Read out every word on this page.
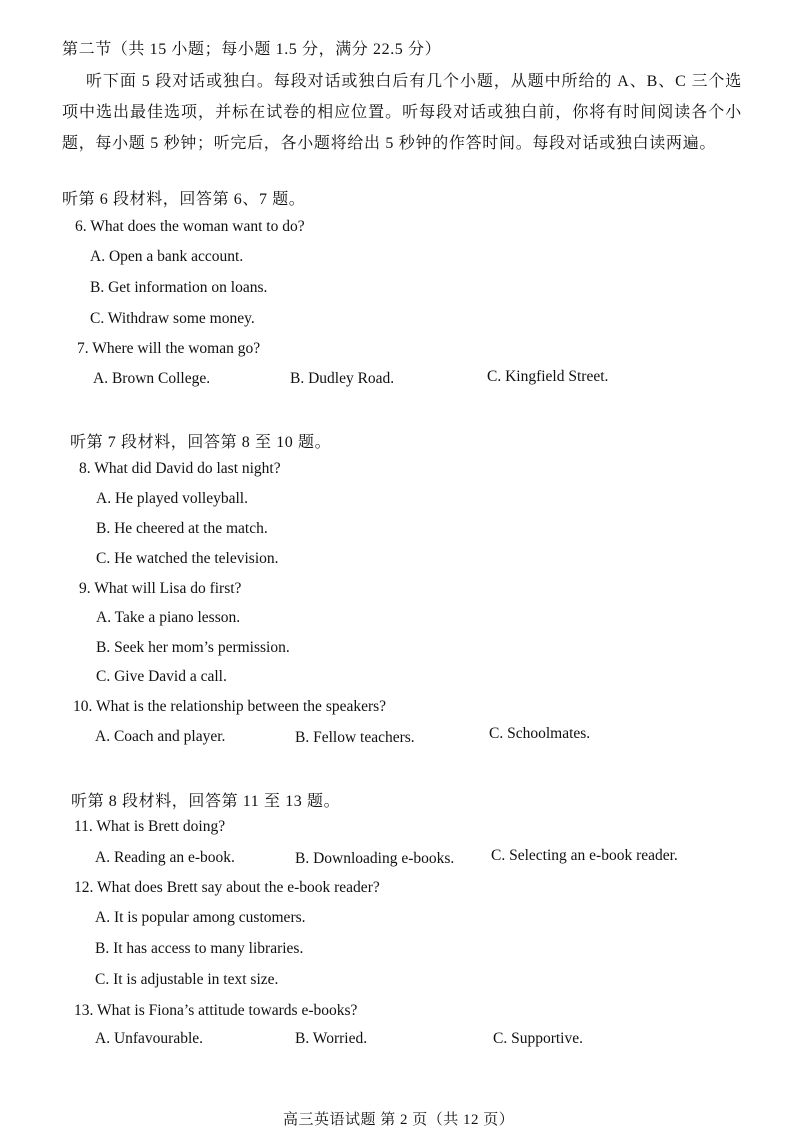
第二节（共 15 小题；每小题 1.5 分，满分 22.5 分）
听下面 5 段对话或独白。每段对话或独白后有几个小题，从题中所给的 A、B、C 三个选项中选出最佳选项，并标在试卷的相应位置。听每段对话或独白前，你将有时间阅读各个小题，每小题 5 秒钟；听完后，各小题将给出 5 秒钟的作答时间。每段对话或独白读两遍。
听第 6 段材料，回答第 6、7 题。
6. What does the woman want to do?
A. Open a bank account.
B. Get information on loans.
C. Withdraw some money.
7. Where will the woman go?
A. Brown College.	B. Dudley Road.	C. Kingfield Street.
听第 7 段材料，回答第 8 至 10 题。
8. What did David do last night?
A. He played volleyball.
B. He cheered at the match.
C. He watched the television.
9. What will Lisa do first?
A. Take a piano lesson.
B. Seek her mom’s permission.
C. Give David a call.
10. What is the relationship between the speakers?
A. Coach and player.	B. Fellow teachers.	C. Schoolmates.
听第 8 段材料，回答第 11 至 13 题。
11. What is Brett doing?
A. Reading an e-book.	B. Downloading e-books. C. Selecting an e-book reader.
12. What does Brett say about the e-book reader?
A. It is popular among customers.
B. It has access to many libraries.
C. It is adjustable in text size.
13. What is Fiona’s attitude towards e-books?
A. Unfavourable.	B. Worried.	C. Supportive.
高三英语试题 第 2 页（共 12 页）
